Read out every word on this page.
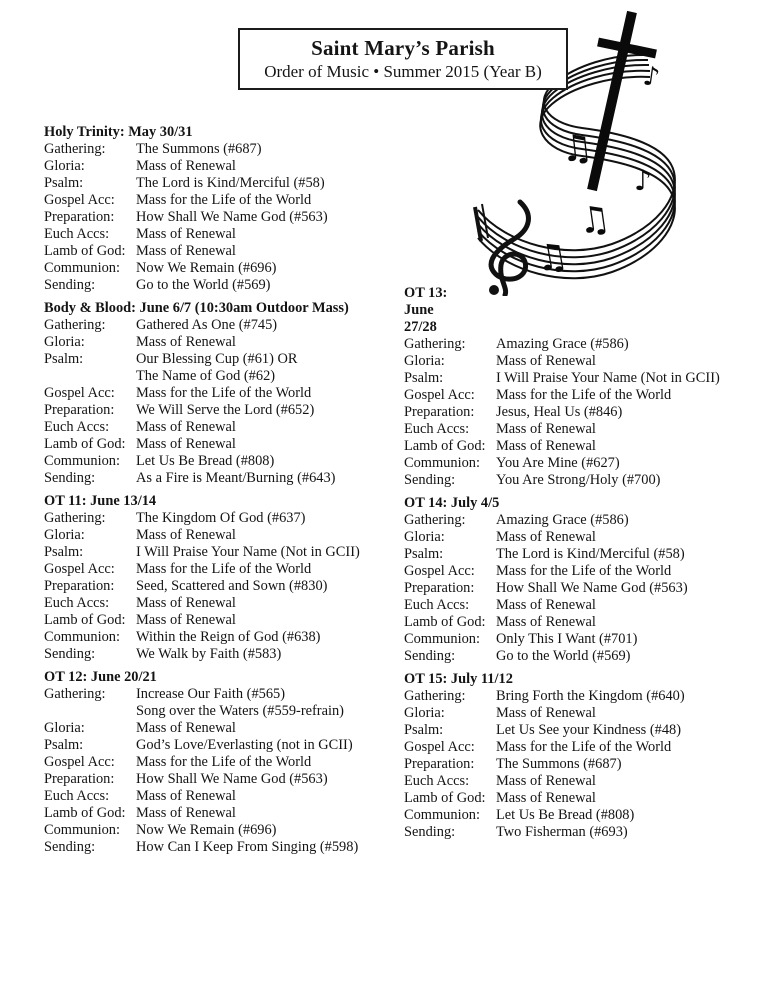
Saint Mary’s Parish
Order of Music • Summer 2015 (Year B)
♫
♫
♫
♪
♪
Holy Trinity: May 30/31
Gathering:	The Summons (#687)
Gloria:	Mass of Renewal
Psalm:	The Lord is Kind/Merciful (#58)
Gospel Acc:	Mass for the Life of the World
Preparation:	How Shall We Name God (#563)
Euch Accs:	Mass of Renewal
Lamb of God: Mass of Renewal
Communion:	Now We Remain (#696)
Sending:	Go to the World (#569)
Body & Blood: June 6/7 (10:30am Outdoor Mass)
Gathering:	Gathered As One (#745)
Gloria:	Mass of Renewal
Psalm:	Our Blessing Cup (#61) OR
The Name of God (#62)
Gospel Acc:	Mass for the Life of the World
Preparation:	We Will Serve the Lord (#652)
Euch Accs:	Mass of Renewal
Lamb of God: Mass of Renewal
Communion:	Let Us Be Bread (#808)
Sending:	As a Fire is Meant/Burning (#643)
OT 11: June 13/14
Gathering:	The Kingdom Of God (#637)
Gloria:	Mass of Renewal
Psalm:	I Will Praise Your Name (Not in GCII)
Gospel Acc:	Mass for the Life of the World
Preparation:	Seed, Scattered and Sown (#830)
Euch Accs:	Mass of Renewal
Lamb of God: Mass of Renewal
Communion:	Within the Reign of God (#638)
Sending:	We Walk by Faith (#583)
OT 12: June 20/21
Gathering:	Increase Our Faith (#565)
Song over the Waters (#559-refrain)
Gloria:	Mass of Renewal
Psalm:	God’s Love/Everlasting (not in GCII)
Gospel Acc:	Mass for the Life of the World
Preparation:	How Shall We Name God (#563)
Euch Accs:	Mass of Renewal
Lamb of God: Mass of Renewal
Communion:	Now We Remain (#696)
Sending:	How Can I Keep From Singing (#598)
OT 13:
June
27/28
Gathering:	Amazing Grace (#586)
Gloria:	Mass of Renewal
Psalm:	I Will Praise Your Name (Not in GCII)
Gospel Acc:	Mass for the Life of the World
Preparation:	Jesus, Heal Us (#846)
Euch Accs:	Mass of Renewal
Lamb of God: Mass of Renewal
Communion:	You Are Mine (#627)
Sending:	You Are Strong/Holy (#700)
OT 14: July 4/5
Gathering:	Amazing Grace (#586)
Gloria:	Mass of Renewal
Psalm:	The Lord is Kind/Merciful (#58)
Gospel Acc:	Mass for the Life of the World
Preparation:	How Shall We Name God (#563)
Euch Accs:	Mass of Renewal
Lamb of God: Mass of Renewal
Communion:	Only This I Want (#701)
Sending:	Go to the World (#569)
OT 15: July 11/12
Gathering:	Bring Forth the Kingdom (#640)
Gloria:	Mass of Renewal
Psalm:	Let Us See your Kindness (#48)
Gospel Acc:	Mass for the Life of the World
Preparation:	The Summons (#687)
Euch Accs:	Mass of Renewal
Lamb of God: Mass of Renewal
Communion:	Let Us Be Bread (#808)
Sending:	Two Fisherman (#693)
